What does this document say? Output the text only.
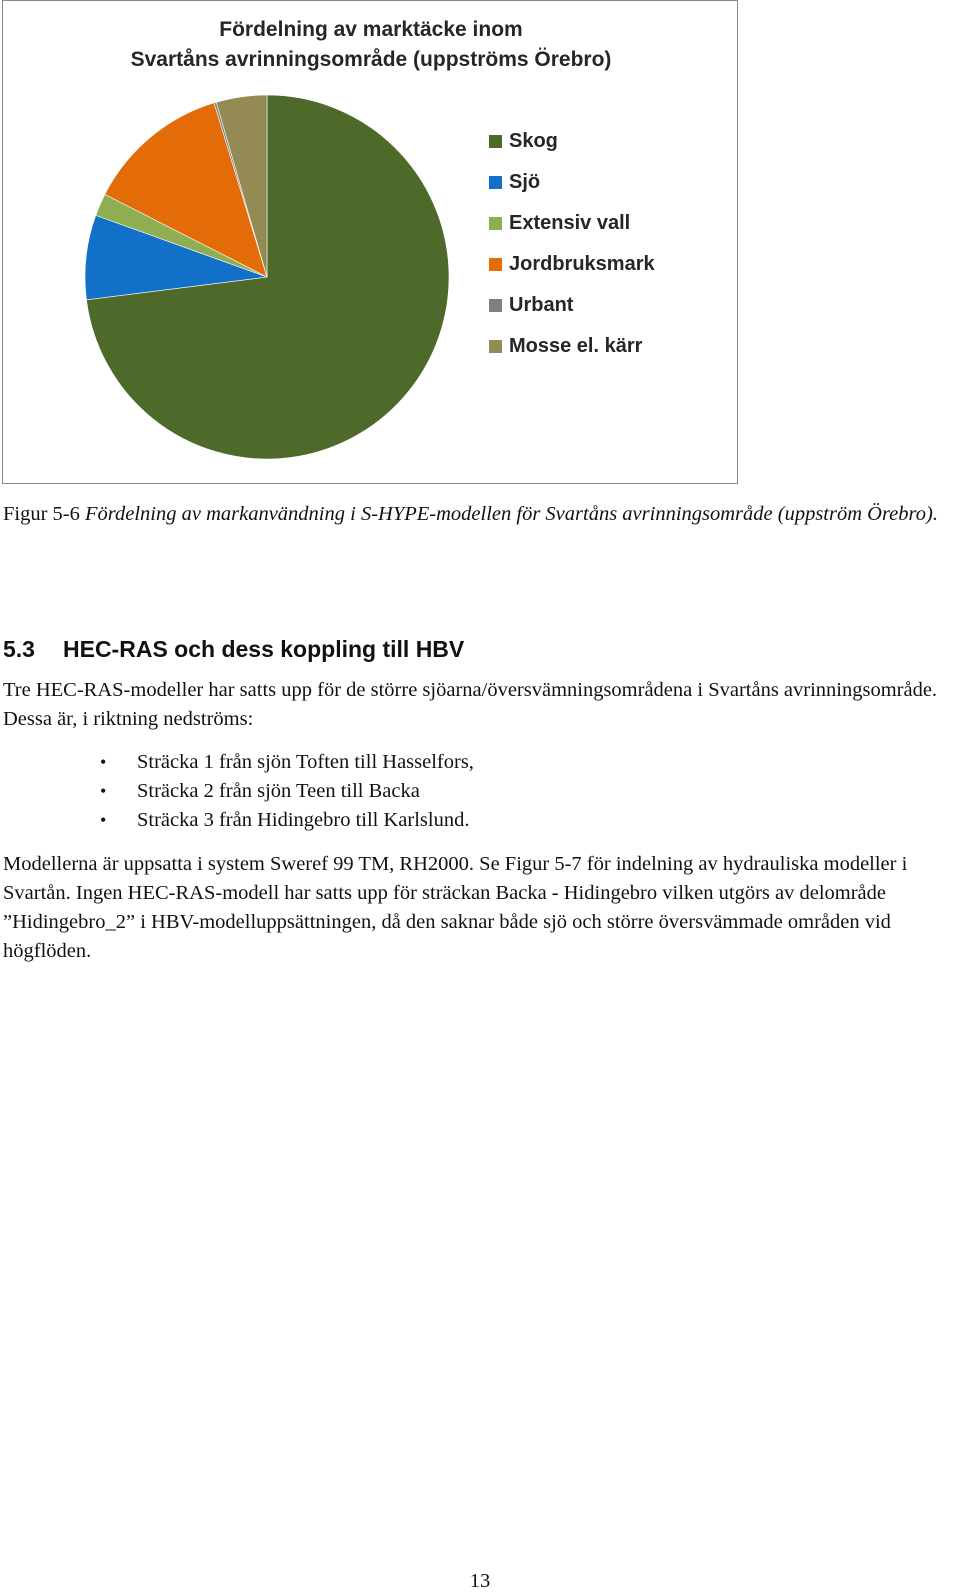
Fördelning av marktäcke inom
Svartåns avrinningsområde (uppströms Örebro)
Skog
Sjö
Extensiv vall
Jordbruksmark
Urbant
Mosse el. kärr
Figur 5-6 Fördelning av markanvändning i S-HYPE-modellen för Svartåns avrinningsområde (uppström Örebro).
5.3 HEC-RAS och dess koppling till HBV
Tre HEC-RAS-modeller har satts upp för de större sjöarna/översvämningsområdena i Svartåns avrinningsområde. Dessa är, i riktning nedströms:
•	Sträcka 1 från sjön Toften till Hasselfors,
•	Sträcka 2 från sjön Teen till Backa
•	Sträcka 3 från Hidingebro till Karlslund.
Modellerna är uppsatta i system Sweref 99 TM, RH2000. Se Figur 5-7 för indelning av hydrauliska modeller i Svartån. Ingen HEC-RAS-modell har satts upp för sträckan Backa - Hidingebro vilken utgörs av delområde ”Hidingebro_2” i HBV-modelluppsättningen, då den saknar både sjö och större översvämmade områden vid högflöden.
13
